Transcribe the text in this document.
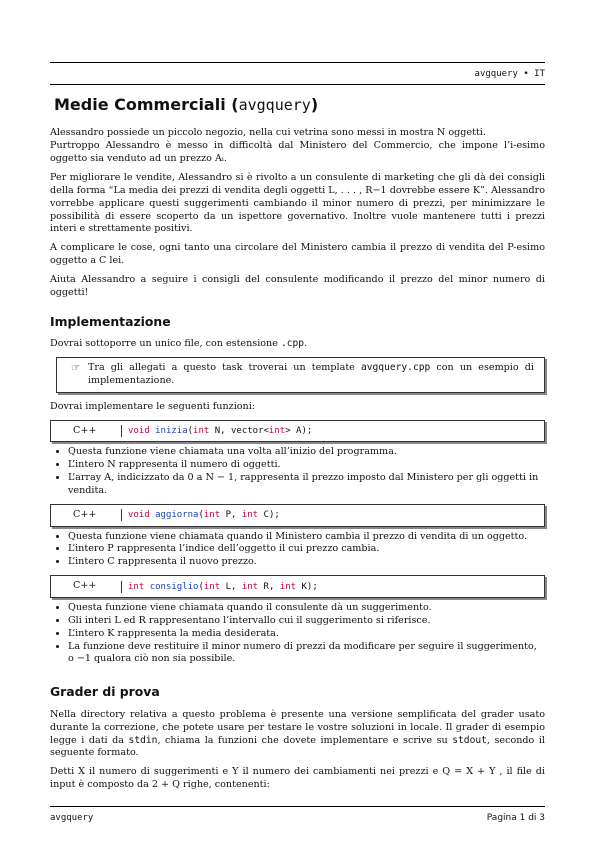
avgquery • IT
Medie Commerciali (avgquery)

Alessandro possiede un piccolo negozio, nella cui vetrina sono messi in mostra N oggetti.

Purtroppo Alessandro è messo in difficoltà dal Ministero del Commercio, che impone l’i-esimo oggetto sia venduto ad un prezzo Aᵢ.

Per migliorare le vendite, Alessandro si è rivolto a un consulente di marketing che gli dà dei consigli della forma “La media dei prezzi di vendita degli oggetti L, . . . , R−1 dovrebbe essere K”. Alessandro vorrebbe applicare questi suggerimenti cambiando il minor numero di prezzi, per minimizzare le possibilità di essere scoperto da un ispettore governativo. Inoltre vuole mantenere tutti i prezzi interi e strettamente positivi.

A complicare le cose, ogni tanto una circolare del Ministero cambia il prezzo di vendita del P-esimo oggetto a C lei.

Aiuta Alessandro a seguire i consigli del consulente modificando il prezzo del minor numero di oggetti!

Implementazione

Dovrai sottoporre un unico file, con estensione .cpp.

☞ Tra gli allegati a questo task troverai un template avgquery.cpp con un esempio di implementazione.

Dovrai implementare le seguenti funzioni:

C++	void inizia(int N, vector<int> A);
• Questa funzione viene chiamata una volta all’inizio del programma.
• L’intero N rappresenta il numero di oggetti.
• L’array A, indicizzato da 0 a N − 1, rappresenta il prezzo imposto dal Ministero per gli oggetti in vendita.
C++	void aggiorna(int P, int C);
• Questa funzione viene chiamata quando il Ministero cambia il prezzo di vendita di un oggetto.
• L’intero P rappresenta l’indice dell’oggetto il cui prezzo cambia.
• L’intero C rappresenta il nuovo prezzo.
C++	int consiglio(int L, int R, int K);
• Questa funzione viene chiamata quando il consulente dà un suggerimento.
• Gli interi L ed R rappresentano l’intervallo cui il suggerimento si riferisce.
• L’intero K rappresenta la media desiderata.
• La funzione deve restituire il minor numero di prezzi da modificare per seguire il suggerimento, o −1 qualora ciò non sia possibile.
Grader di prova

Nella directory relativa a questo problema è presente una versione semplificata del grader usato durante la correzione, che potete usare per testare le vostre soluzioni in locale. Il grader di esempio legge i dati da stdin, chiama la funzioni che dovete implementare e scrive su stdout, secondo il seguente formato.

Detti X il numero di suggerimenti e Y il numero dei cambiamenti nei prezzi e Q = X + Y , il file di input è composto da 2 + Q righe, contenenti:

avgquery	Pagina 1 di 3
